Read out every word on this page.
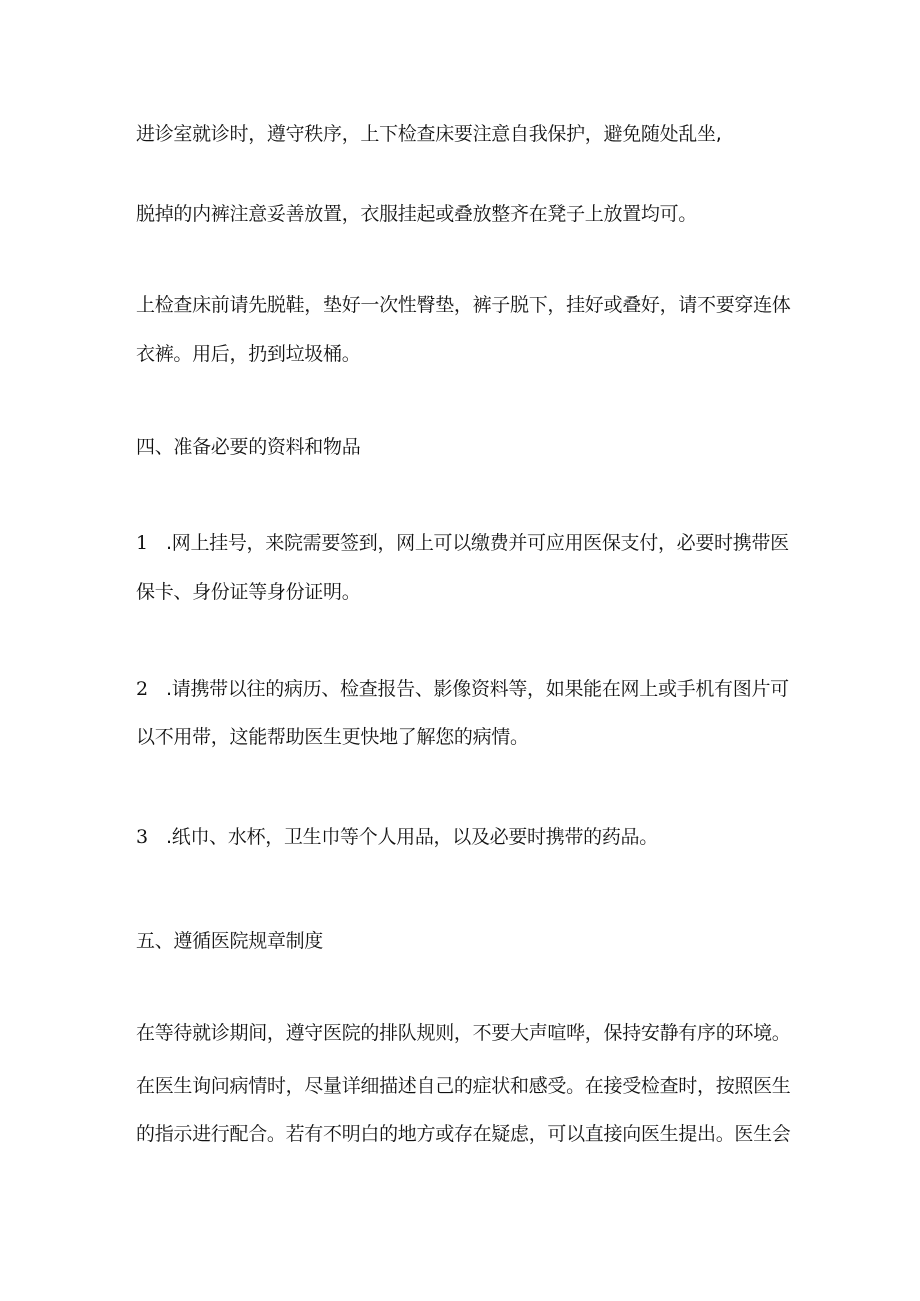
进诊室就诊时，遵守秩序，上下检查床要注意自我保护，避免随处乱坐,
脱掉的内裤注意妥善放置，衣服挂起或叠放整齐在凳子上放置均可。
上检查床前请先脱鞋，垫好一次性臀垫，裤子脱下，挂好或叠好，请不要穿连体
衣裤。用后，扔到垃圾桶。
四、准备必要的资料和物品
1 .网上挂号，来院需要签到，网上可以缴费并可应用医保支付，必要时携带医
保卡、身份证等身份证明。
2 .请携带以往的病历、检查报告、影像资料等，如果能在网上或手机有图片可
以不用带，这能帮助医生更快地了解您的病情。
3 .纸巾、水杯，卫生巾等个人用品，以及必要时携带的药品。
五、遵循医院规章制度
在等待就诊期间，遵守医院的排队规则，不要大声喧哗，保持安静有序的环境。
在医生询问病情时，尽量详细描述自己的症状和感受。在接受检查时，按照医生
的指示进行配合。若有不明白的地方或存在疑虑，可以直接向医生提出。医生会
